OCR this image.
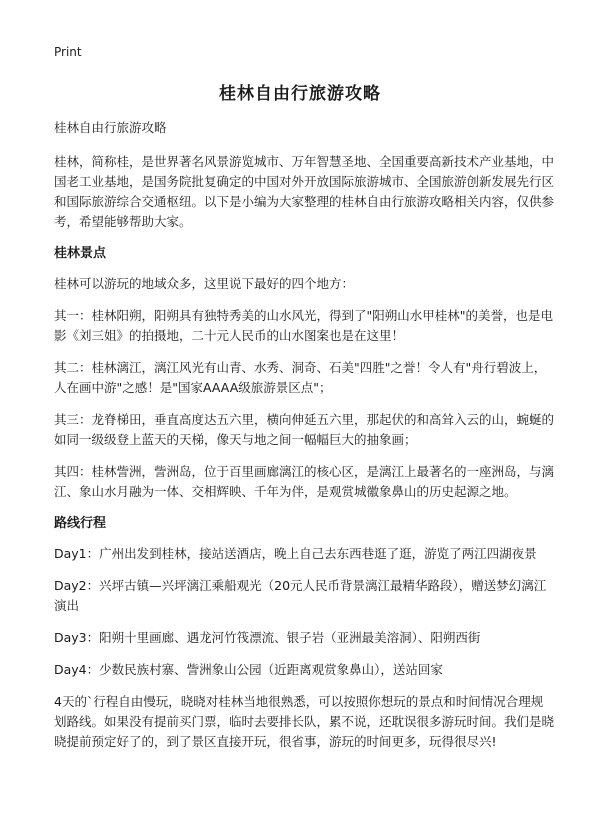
Print
桂林自由行旅游攻略

桂林自由行旅游攻略

桂林，简称桂，是世界著名风景游览城市、万年智慧圣地、全国重要高新技术产业基地，中国老工业基地，是国务院批复确定的中国对外开放国际旅游城市、全国旅游创新发展先行区和国际旅游综合交通枢纽。以下是小编为大家整理的桂林自由行旅游攻略相关内容，仅供参考，希望能够帮助大家。

桂林景点

桂林可以游玩的地域众多，这里说下最好的四个地方：

其一：桂林阳朔，阳朔具有独特秀美的山水风光，得到了"阳朔山水甲桂林"的美誉，也是电影《刘三姐》的拍摄地，二十元人民币的山水图案也是在这里！

其二：桂林漓江，漓江风光有山青、水秀、洞奇、石美"四胜"之誉！令人有"舟行碧波上，人在画中游"之感！是"国家AAAA级旅游景区点"；

其三：龙脊梯田，垂直高度达五六里，横向伸延五六里，那起伏的和高耸入云的山，蜿蜒的如同一级级登上蓝天的天梯，像天与地之间一幅幅巨大的抽象画；

其四：桂林訾洲，訾洲岛，位于百里画廊漓江的核心区，是漓江上最著名的一座洲岛，与漓江、象山水月融为一体、交相辉映、千年为伴，是观赏城徽象鼻山的历史起源之地。

路线行程

Day1：广州出发到桂林，接站送酒店，晚上自己去东西巷逛了逛，游览了两江四湖夜景

Day2：兴坪古镇—兴坪漓江乘船观光（20元人民币背景漓江最精华路段），赠送梦幻漓江演出

Day3：阳朔十里画廊、遇龙河竹筏漂流、银子岩（亚洲最美溶洞）、阳朔西街

Day4：少数民族村寨、訾洲象山公园（近距离观赏象鼻山），送站回家

4天的`行程自由慢玩，晓晓对桂林当地很熟悉，可以按照你想玩的景点和时间情况合理规划路线。如果没有提前买门票，临时去要排长队，累不说，还耽误很多游玩时间。我们是晓晓提前预定好了的，到了景区直接开玩，很省事，游玩的时间更多，玩得很尽兴!
